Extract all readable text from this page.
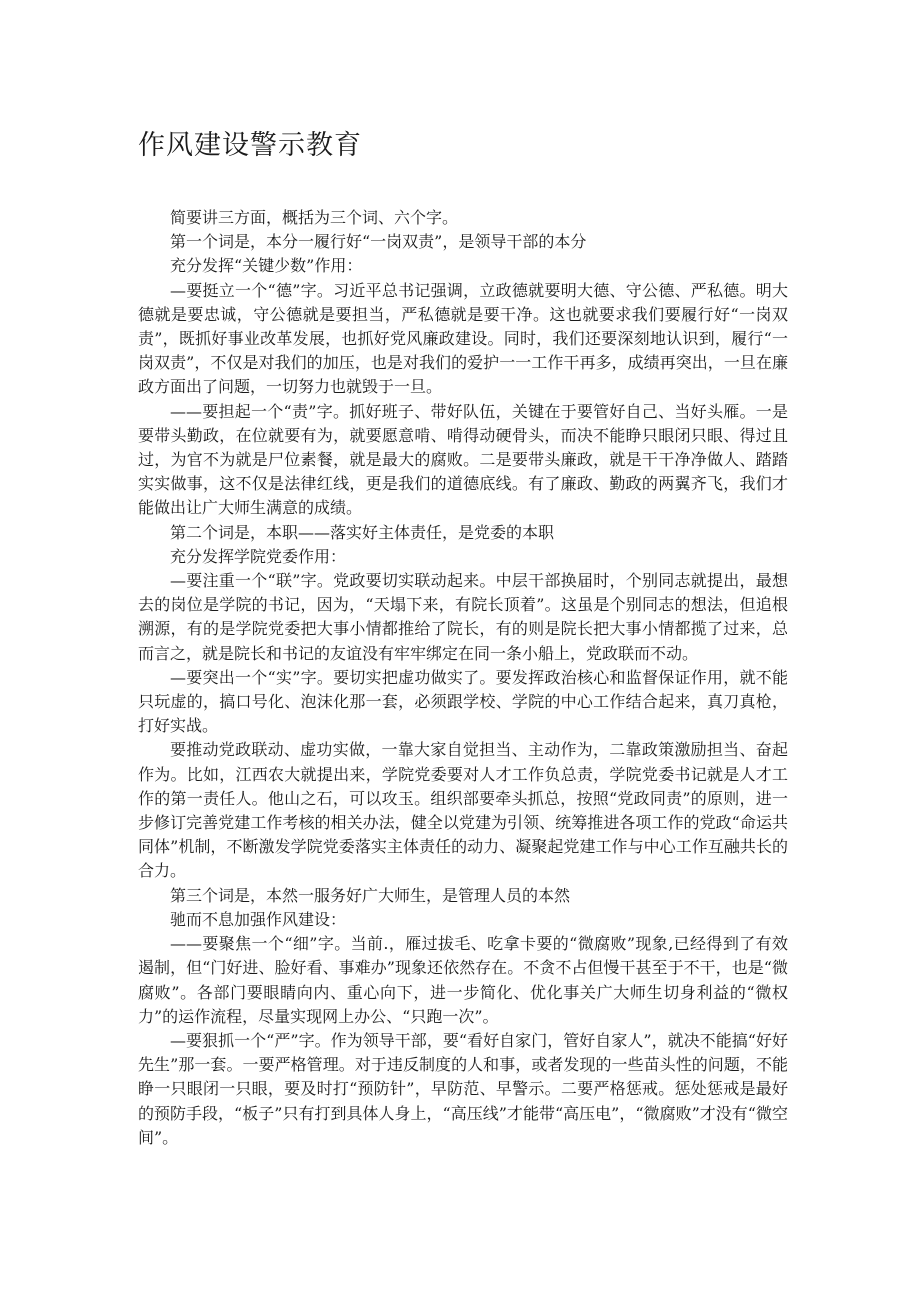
作风建设警示教育

简要讲三方面，概括为三个词、六个字。

第一个词是，本分一履行好“一岗双责”，是领导干部的本分

充分发挥“关键少数”作用：

—要挺立一个“德”字。习近平总书记强调，立政德就要明大德、守公德、严私德。明大德就是要忠诚，守公德就是要担当，严私德就是要干净。这也就要求我们要履行好“一岗双责”，既抓好事业改革发展，也抓好党风廉政建设。同时，我们还要深刻地认识到，履行“一岗双责”，不仅是对我们的加压，也是对我们的爱护一一工作干再多，成绩再突出，一旦在廉政方面出了问题，一切努力也就毁于一旦。

——要担起一个“责”字。抓好班子、带好队伍，关键在于要管好自己、当好头雁。一是要带头勤政，在位就要有为，就要愿意啃、啃得动硬骨头，而决不能睁只眼闭只眼、得过且过，为官不为就是尸位素餐，就是最大的腐败。二是要带头廉政，就是干干净净做人、踏踏实实做事，这不仅是法律红线，更是我们的道德底线。有了廉政、勤政的两翼齐飞，我们才能做出让广大师生满意的成绩。

第二个词是，本职——落实好主体责任，是党委的本职

充分发挥学院党委作用：

—要注重一个“联”字。党政要切实联动起来。中层干部换届时，个别同志就提出，最想去的岗位是学院的书记，因为，“天塌下来，有院长顶着”。这虽是个别同志的想法，但追根溯源，有的是学院党委把大事小情都推给了院长，有的则是院长把大事小情都揽了过来，总而言之，就是院长和书记的友谊没有牢牢绑定在同一条小船上，党政联而不动。

—要突出一个“实”字。要切实把虚功做实了。要发挥政治核心和监督保证作用，就不能只玩虚的，搞口号化、泡沫化那一套，必须跟学校、学院的中心工作结合起来，真刀真枪，打好实战。

要推动党政联动、虚功实做，一靠大家自觉担当、主动作为，二靠政策激励担当、奋起作为。比如，江西农大就提出来，学院党委要对人才工作负总责，学院党委书记就是人才工作的第一责任人。他山之石，可以攻玉。组织部要牵头抓总，按照“党政同责”的原则，进一步修订完善党建工作考核的相关办法，健全以党建为引领、统筹推进各项工作的党政“命运共同体”机制，不断激发学院党委落实主体责任的动力、凝聚起党建工作与中心工作互融共长的合力。

第三个词是，本然一服务好广大师生，是管理人员的本然

驰而不息加强作风建设：

——要聚焦一个“细”字。当前.，雁过拔毛、吃拿卡要的“微腐败”现象,已经得到了有效遏制，但“门好进、脸好看、事难办”现象还依然存在。不贪不占但慢干甚至于不干，也是“微腐败”。各部门要眼睛向内、重心向下，进一步简化、优化事关广大师生切身利益的“微权力”的运作流程，尽量实现网上办公、“只跑一次”。

—要狠抓一个“严”字。作为领导干部，要“看好自家门，管好自家人”，就决不能搞“好好先生”那一套。一要严格管理。对于违反制度的人和事，或者发现的一些苗头性的问题，不能睁一只眼闭一只眼，要及时打“预防针”，早防范、早警示。二要严格惩戒。惩处惩戒是最好的预防手段，“板子”只有打到具体人身上，“高压线”才能带“高压电”，“微腐败”才没有“微空间”。
